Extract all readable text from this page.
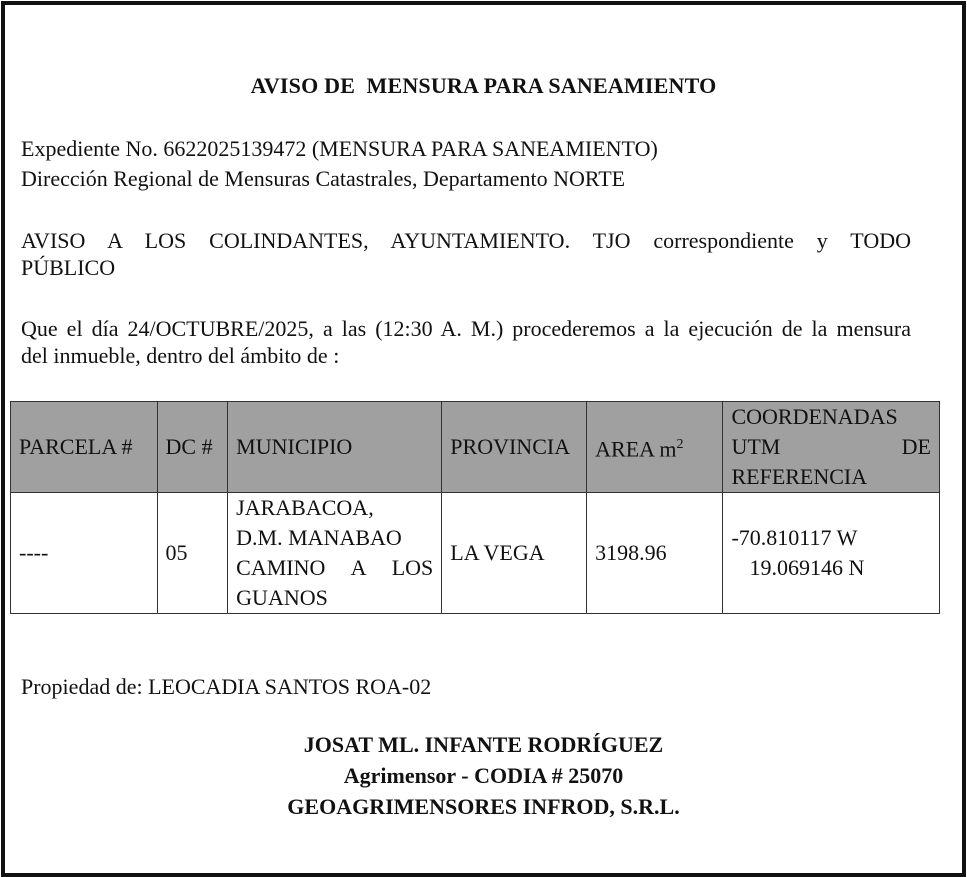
AVISO DE  MENSURA PARA SANEAMIENTO
Expediente No. 6622025139472 (MENSURA PARA SANEAMIENTO)
Dirección Regional de Mensuras Catastrales, Departamento NORTE
AVISO A LOS COLINDANTES, AYUNTAMIENTO. TJO correspondiente y TODO
PÚBLICO
Que el día 24/OCTUBRE/2025, a las (12:30 A. M.) procederemos a la ejecución de la mensura
del inmueble, dentro del ámbito de :
PARCELA #	DC #	MUNICIPIO	PROVINCIA	AREA $m^2$	COORDENADAS
UTM DE
REFERENCIA

----	05	JARABACOA,
D.M. MANABAO
CAMINO A LOS
GUANOS	LA VEGA	3198.96	-70.810117 W
19.069146 N
Propiedad de: LEOCADIA SANTOS ROA-02
JOSAT ML. INFANTE RODRÍGUEZ
Agrimensor - CODIA # 25070
GEOAGRIMENSORES INFROD, S.R.L.
